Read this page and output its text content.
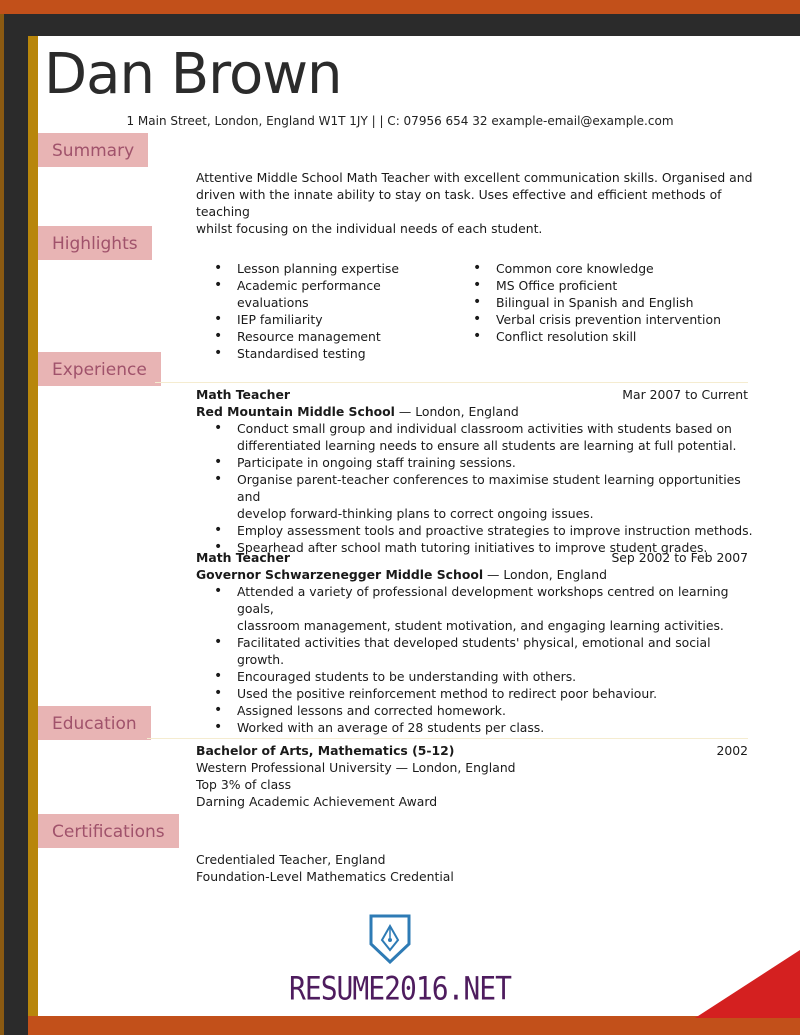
Dan Brown
1 Main Street, London, England W1T 1JY | | C: 07956 654 32 example-email@example.com
Summary
Attentive Middle School Math Teacher with excellent communication skills. Organised and
driven with the innate ability to stay on task. Uses effective and efficient methods of teaching
whilst focusing on the individual needs of each student.
Highlights
• Lesson planning expertise
• Academic performance evaluations
• IEP familiarity
• Resource management
• Standardised testing
• Common core knowledge
• MS Office proficient
• Bilingual in Spanish and English
• Verbal crisis prevention intervention
• Conflict resolution skill
Experience
Math Teacher	Mar 2007 to Current
Red Mountain Middle School — London, England
• Conduct small group and individual classroom activities with students based on
differentiated learning needs to ensure all students are learning at full potential.
• Participate in ongoing staff training sessions.
• Organise parent-teacher conferences to maximise student learning opportunities and
develop forward-thinking plans to correct ongoing issues.
• Employ assessment tools and proactive strategies to improve instruction methods.
• Spearhead after school math tutoring initiatives to improve student grades.
Math Teacher	Sep 2002 to Feb 2007
Governor Schwarzenegger Middle School — London, England
• Attended a variety of professional development workshops centred on learning goals,
classroom management, student motivation, and engaging learning activities.
• Facilitated activities that developed students' physical, emotional and social growth.
• Encouraged students to be understanding with others.
• Used the positive reinforcement method to redirect poor behaviour.
• Assigned lessons and corrected homework.
• Worked with an average of 28 students per class.
Education
Bachelor of Arts, Mathematics (5-12)	2002
Western Professional University — London, England
Top 3% of class
Darning Academic Achievement Award
Certifications
Credentialed Teacher, England
Foundation-Level Mathematics Credential
RESUME2016.NET
